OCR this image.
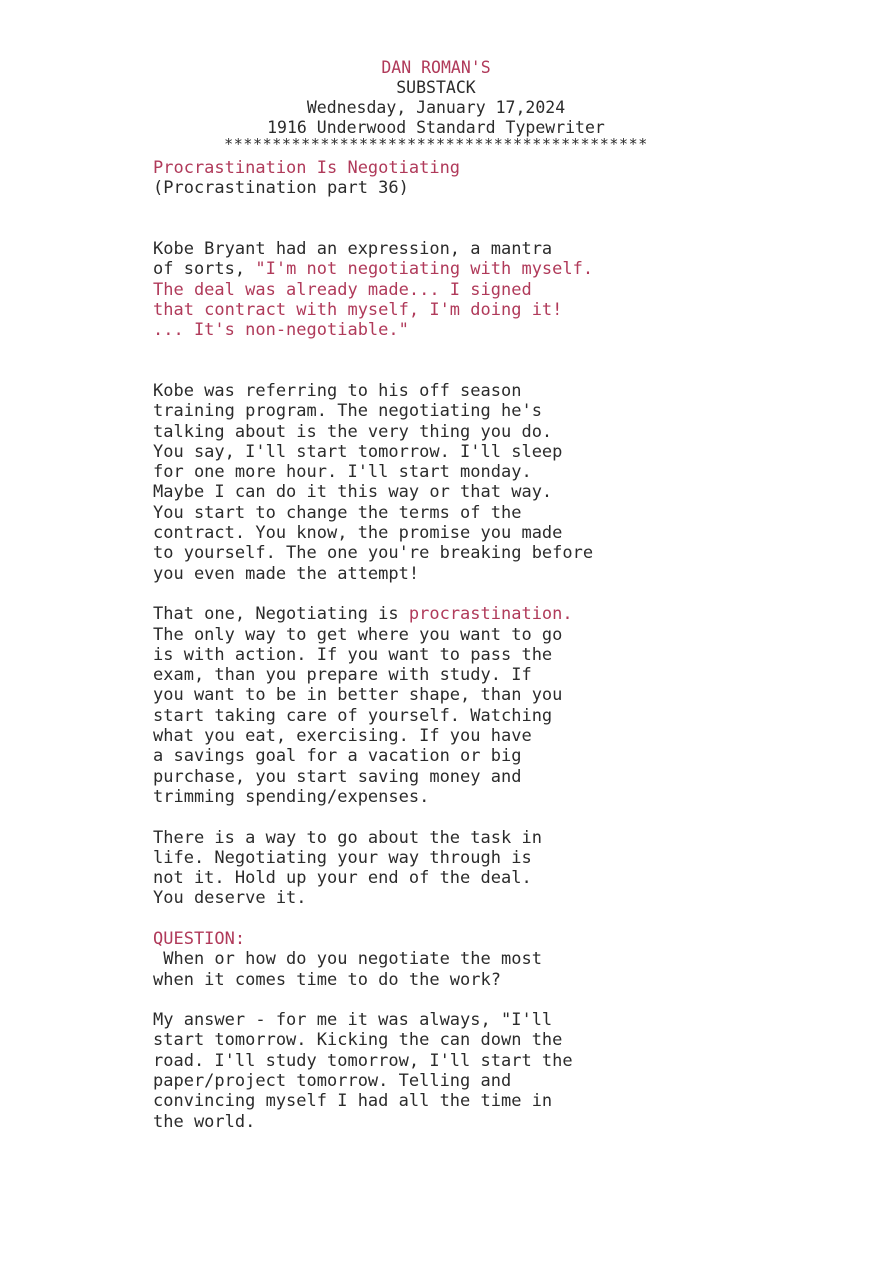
DAN ROMAN'S
SUBSTACK
Wednesday, January 17,2024
1916 Underwood Standard Typewriter
********************************************
Procrastination Is Negotiating
(Procrastination part 36)
Kobe Bryant had an expression, a mantra
of sorts, "I'm not negotiating with myself.
The deal was already made... I signed
that contract with myself, I'm doing it!
... It's non-negotiable."
Kobe was referring to his off season
training program. The negotiating he's
talking about is the very thing you do.
You say, I'll start tomorrow. I'll sleep
for one more hour. I'll start monday.
Maybe I can do it this way or that way.
You start to change the terms of the
contract. You know, the promise you made
to yourself. The one you're breaking before
you even made the attempt!
That one, Negotiating is procrastination.
The only way to get where you want to go
is with action. If you want to pass the
exam, than you prepare with study. If
you want to be in better shape, than you
start taking care of yourself. Watching
what you eat, exercising. If you have
a savings goal for a vacation or big
purchase, you start saving money and
trimming spending/expenses.
There is a way to go about the task in
life. Negotiating your way through is
not it. Hold up your end of the deal.
You deserve it.
QUESTION:
When or how do you negotiate the most
when it comes time to do the work?
My answer - for me it was always, "I'll
start tomorrow. Kicking the can down the
road. I'll study tomorrow, I'll start the
paper/project tomorrow. Telling and
convincing myself I had all the time in
the world.
